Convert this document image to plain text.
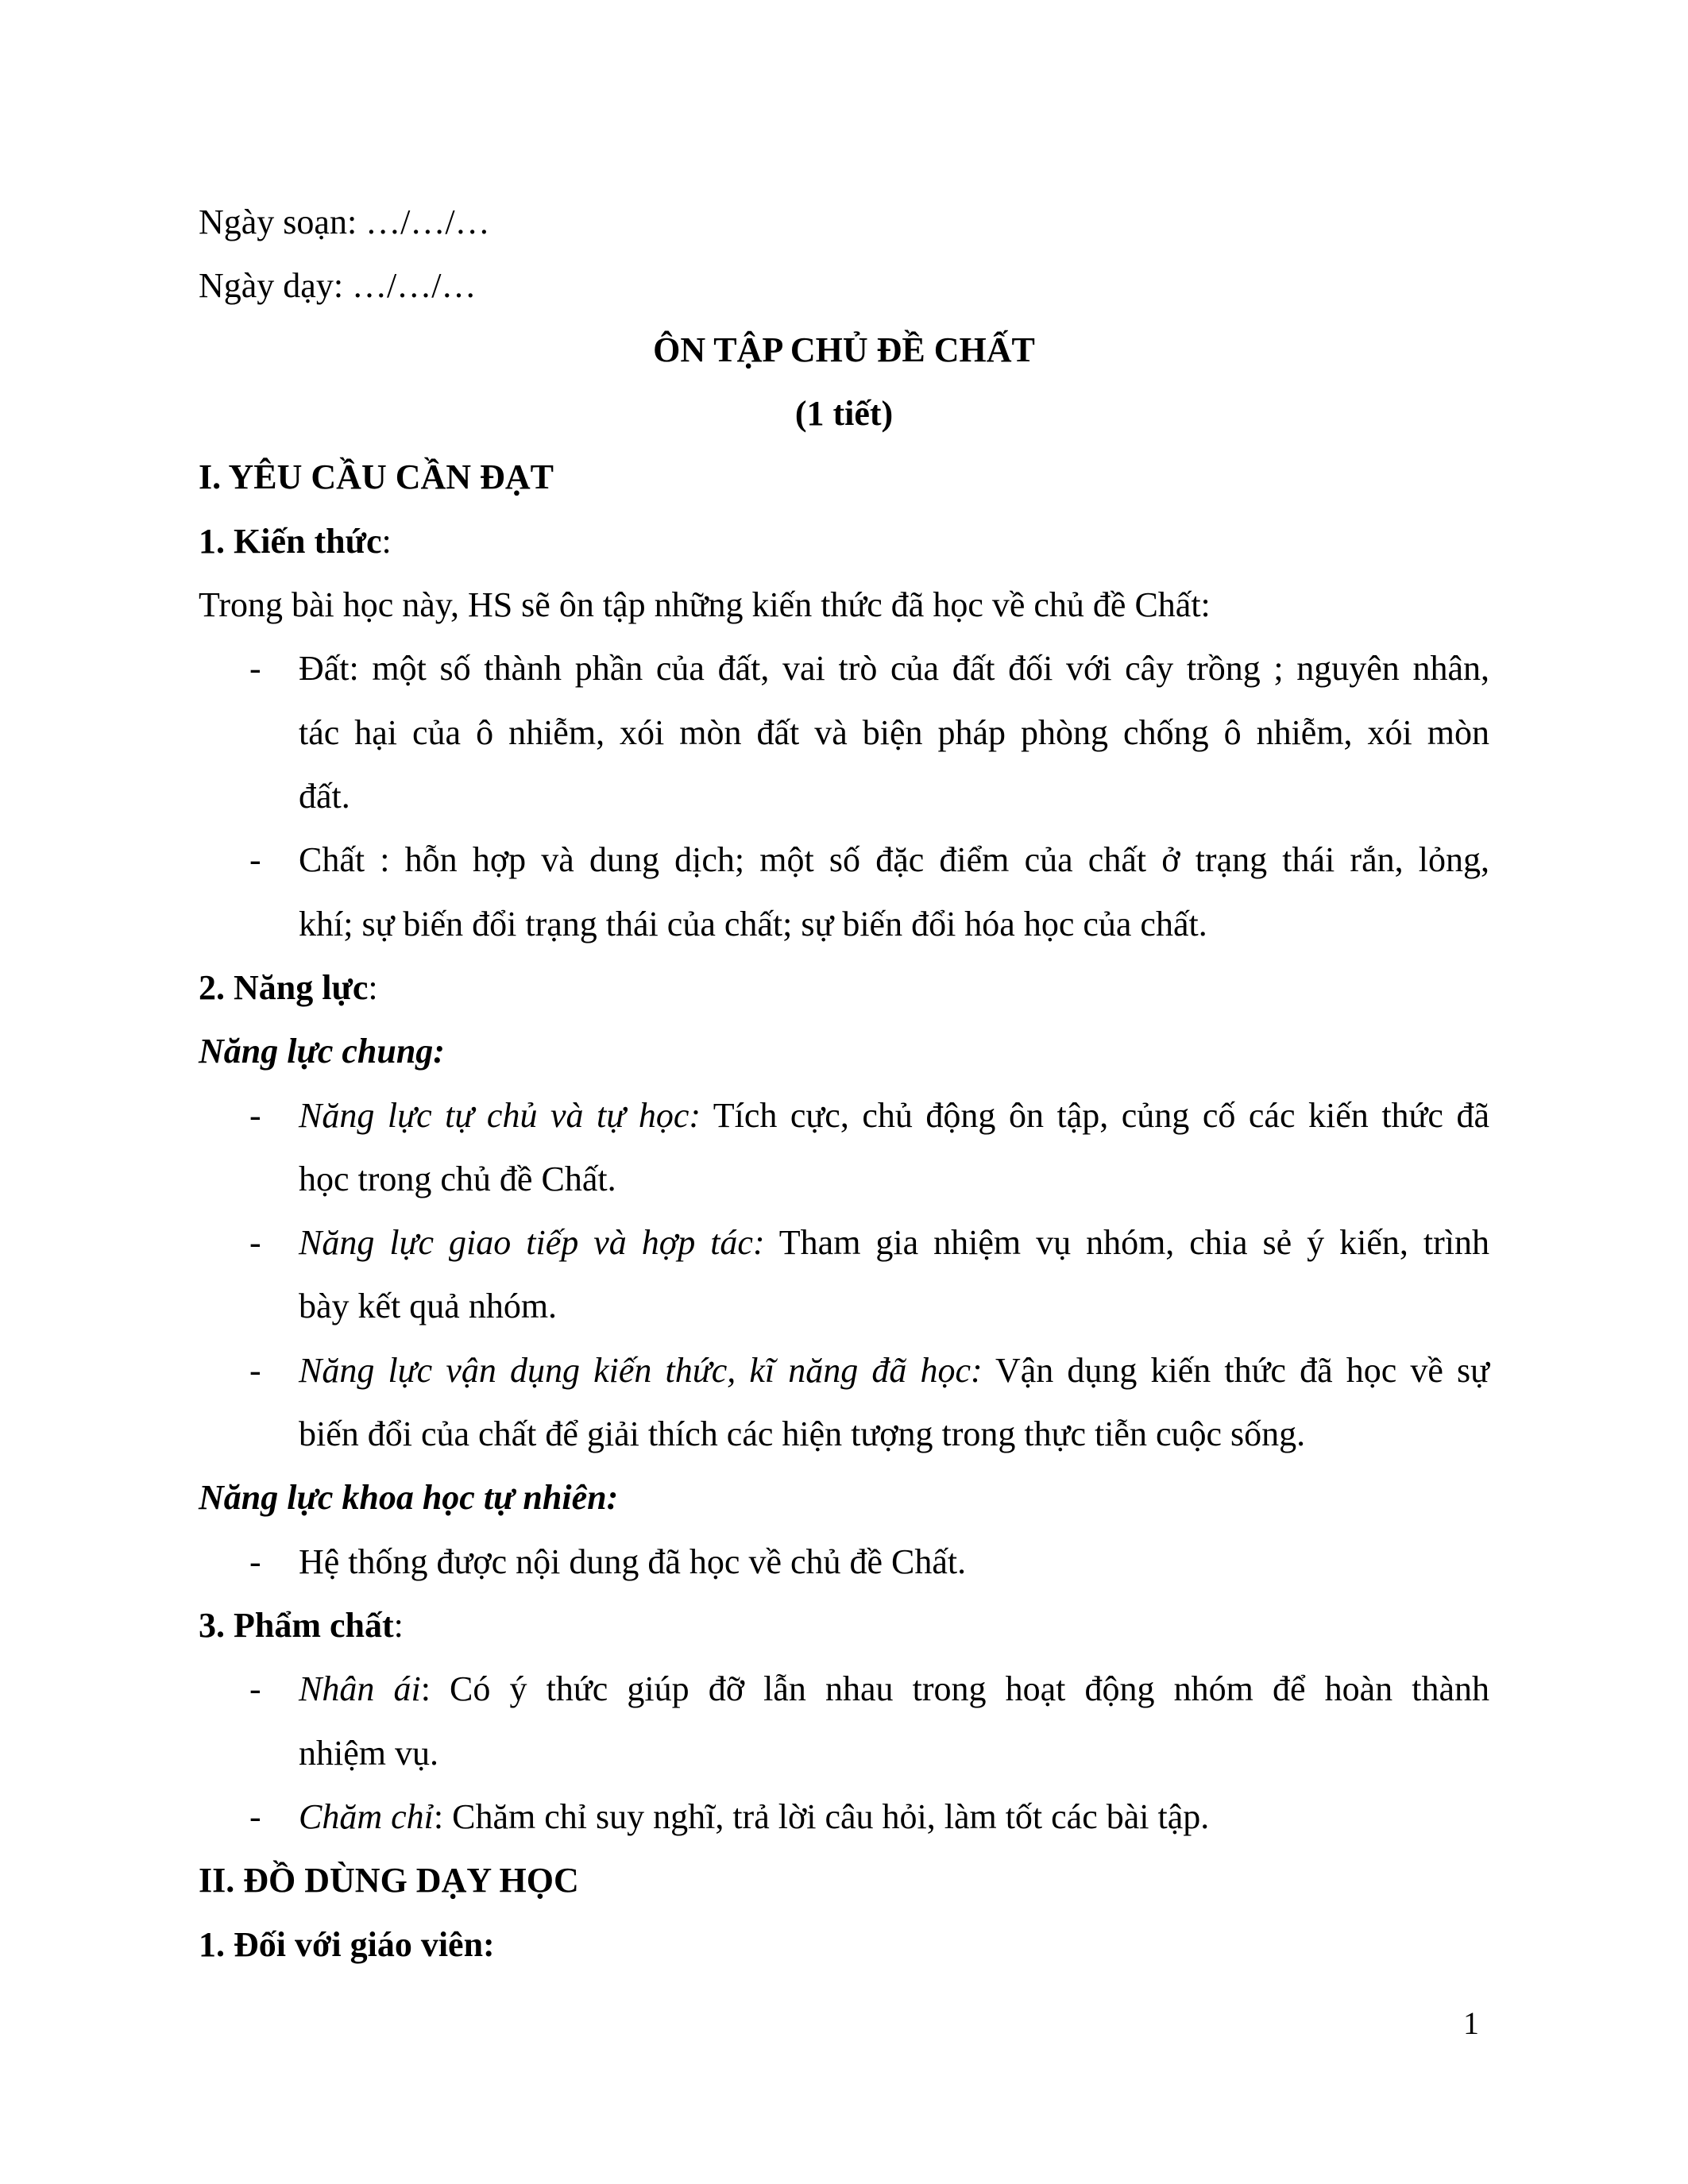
Ngày soạn: …/…/…
Ngày dạy: …/…/…
ÔN TẬP CHỦ ĐỀ CHẤT
(1 tiết)
I. YÊU CẦU CẦN ĐẠT
1. Kiến thức:
Trong bài học này, HS sẽ ôn tập những kiến thức đã học về chủ đề Chất:
-	Đất: một số thành phần của đất, vai trò của đất đối với cây trồng ; nguyên nhân,
tác hại của ô nhiễm, xói mòn đất và biện pháp phòng chống ô nhiễm, xói mòn
đất.
-	Chất : hỗn hợp và dung dịch; một số đặc điểm của chất ở trạng thái rắn, lỏng,
khí; sự biến đổi trạng thái của chất; sự biến đổi hóa học của chất.
2. Năng lực:
Năng lực chung:
-	Năng lực tự chủ và tự học: Tích cực, chủ động ôn tập, củng cố các kiến thức đã
học trong chủ đề Chất.
-	Năng lực giao tiếp và hợp tác: Tham gia nhiệm vụ nhóm, chia sẻ ý kiến, trình
bày kết quả nhóm.
-	Năng lực vận dụng kiến thức, kĩ năng đã học: Vận dụng kiến thức đã học về sự
biến đổi của chất để giải thích các hiện tượng trong thực tiễn cuộc sống.
Năng lực khoa học tự nhiên:
-	Hệ thống được nội dung đã học về chủ đề Chất.
3. Phẩm chất:
-	Nhân ái: Có ý thức giúp đỡ lẫn nhau trong hoạt động nhóm để hoàn thành
nhiệm vụ.
-	Chăm chỉ: Chăm chỉ suy nghĩ, trả lời câu hỏi, làm tốt các bài tập.
II. ĐỒ DÙNG DẠY HỌC
1. Đối với giáo viên:
1
